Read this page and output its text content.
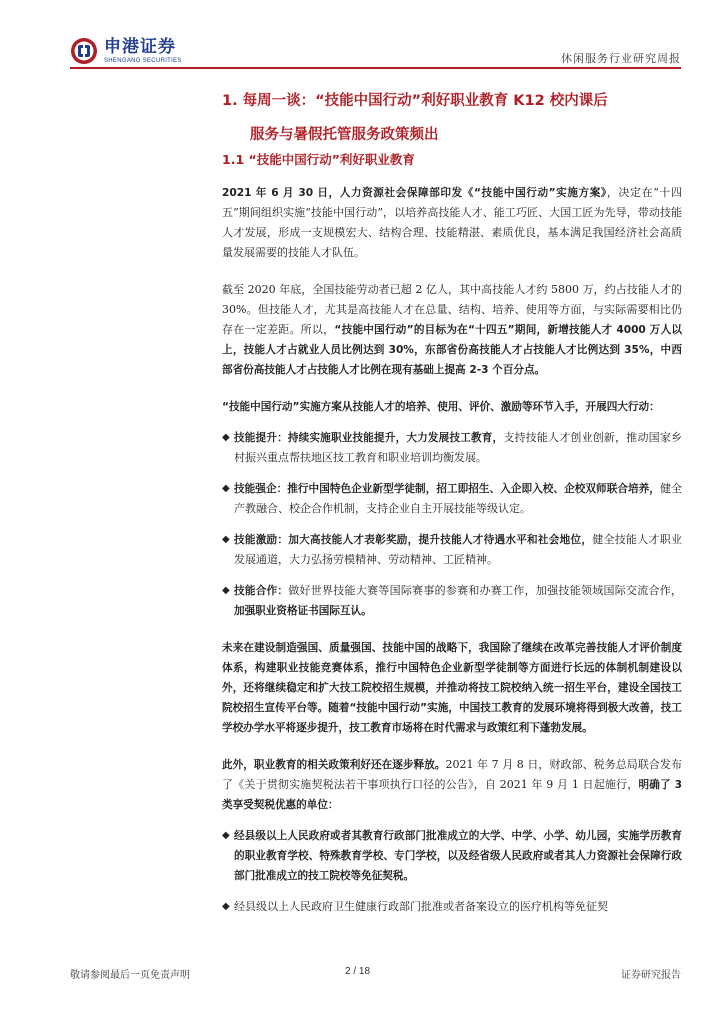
申港证券
SHENGANG SECURITIES	休闲服务行业研究周报
1. 每周一谈：“技能中国行动”利好职业教育 K12 校内课后
服务与暑假托管服务政策频出
1.1 “技能中国行动”利好职业教育

2021 年 6 月 30 日，人力资源社会保障部印发《“技能中国行动”实施方案》，决定在“十四五”期间组织实施“技能中国行动”，以培养高技能人才、能工巧匠、大国工匠为先导，带动技能人才发展，形成一支规模宏大、结构合理、技能精湛、素质优良，基本满足我国经济社会高质量发展需要的技能人才队伍。

截至 2020 年底，全国技能劳动者已超 2 亿人，其中高技能人才约 5800 万，约占技能人才的 30%。但技能人才，尤其是高技能人才在总量、结构、培养、使用等方面，与实际需要相比仍存在一定差距。所以，“技能中国行动”的目标为在“十四五”期间，新增技能人才 4000 万人以上，技能人才占就业人员比例达到 30%，东部省份高技能人才占技能人才比例达到 35%，中西部省份高技能人才占技能人才比例在现有基础上提高 2-3 个百分点。

“技能中国行动”实施方案从技能人才的培养、使用、评价、激励等环节入手，开展四大行动：

◆ 技能提升：持续实施职业技能提升，大力发展技工教育，支持技能人才创业创新，推动国家乡村振兴重点帮扶地区技工教育和职业培训均衡发展。
◆ 技能强企：推行中国特色企业新型学徒制，招工即招生、入企即入校、企校双师联合培养，健全产教融合、校企合作机制，支持企业自主开展技能等级认定。
◆ 技能激励：加大高技能人才表彰奖励，提升技能人才待遇水平和社会地位，健全技能人才职业发展通道，大力弘扬劳模精神、劳动精神、工匠精神。
◆ 技能合作：做好世界技能大赛等国际赛事的参赛和办赛工作，加强技能领域国际交流合作，加强职业资格证书国际互认。

未来在建设制造强国、质量强国、技能中国的战略下，我国除了继续在改革完善技能人才评价制度体系，构建职业技能竞赛体系，推行中国特色企业新型学徒制等方面进行长远的体制机制建设以外，还将继续稳定和扩大技工院校招生规模，并推动将技工院校纳入统一招生平台，建设全国技工院校招生宣传平台等。随着“技能中国行动”实施，中国技工教育的发展环境将得到极大改善，技工学校办学水平将逐步提升，技工教育市场将在时代需求与政策红利下蓬勃发展。

此外，职业教育的相关政策利好还在逐步释放。2021 年 7 月 8 日，财政部、税务总局联合发布了《关于贯彻实施契税法若干事项执行口径的公告》，自 2021 年 9 月 1 日起施行，明确了 3 类享受契税优惠的单位：

◆ 经县级以上人民政府或者其教育行政部门批准成立的大学、中学、小学、幼儿园，实施学历教育的职业教育学校、特殊教育学校、专门学校，以及经省级人民政府或者其人力资源社会保障行政部门批准成立的技工院校等免征契税。
◆ 经县级以上人民政府卫生健康行政部门批准或者备案设立的医疗机构等免征契
敬请参阅最后一页免责声明	2 / 18	证券研究报告
